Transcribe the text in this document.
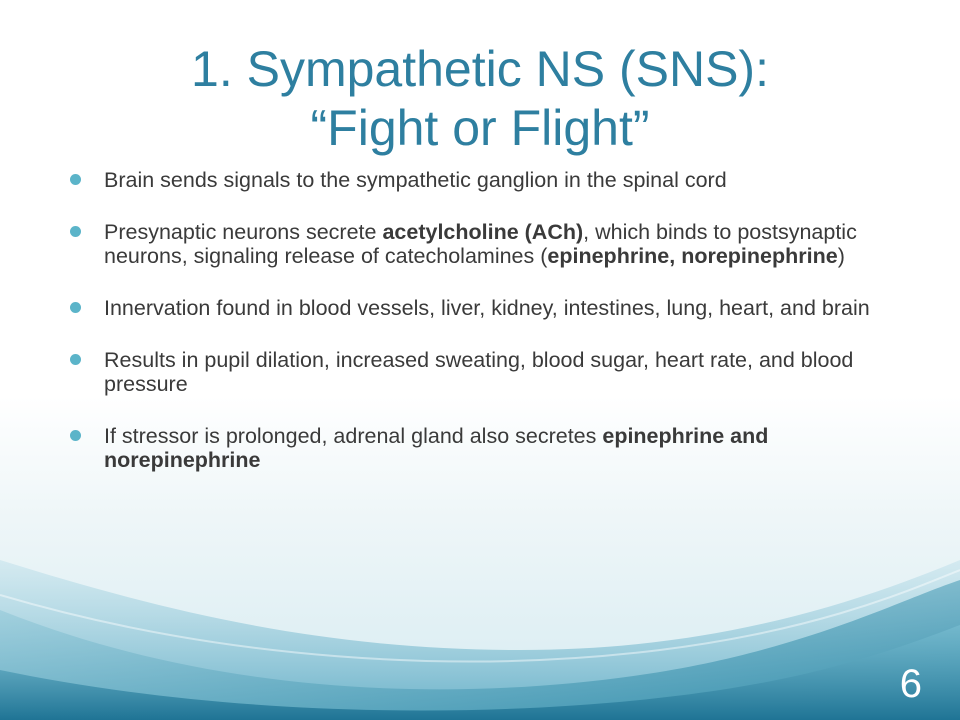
1. Sympathetic NS (SNS):
“Fight or Flight”
Brain sends signals to the sympathetic ganglion in the spinal cord
Presynaptic neurons secrete acetylcholine (ACh), which binds to postsynaptic neurons, signaling release of catecholamines (epinephrine, norepinephrine)
Innervation found in blood vessels, liver, kidney, intestines, lung, heart, and brain
Results in pupil dilation, increased sweating, blood sugar, heart rate, and blood pressure
If stressor is prolonged, adrenal gland also secretes epinephrine and norepinephrine
6
